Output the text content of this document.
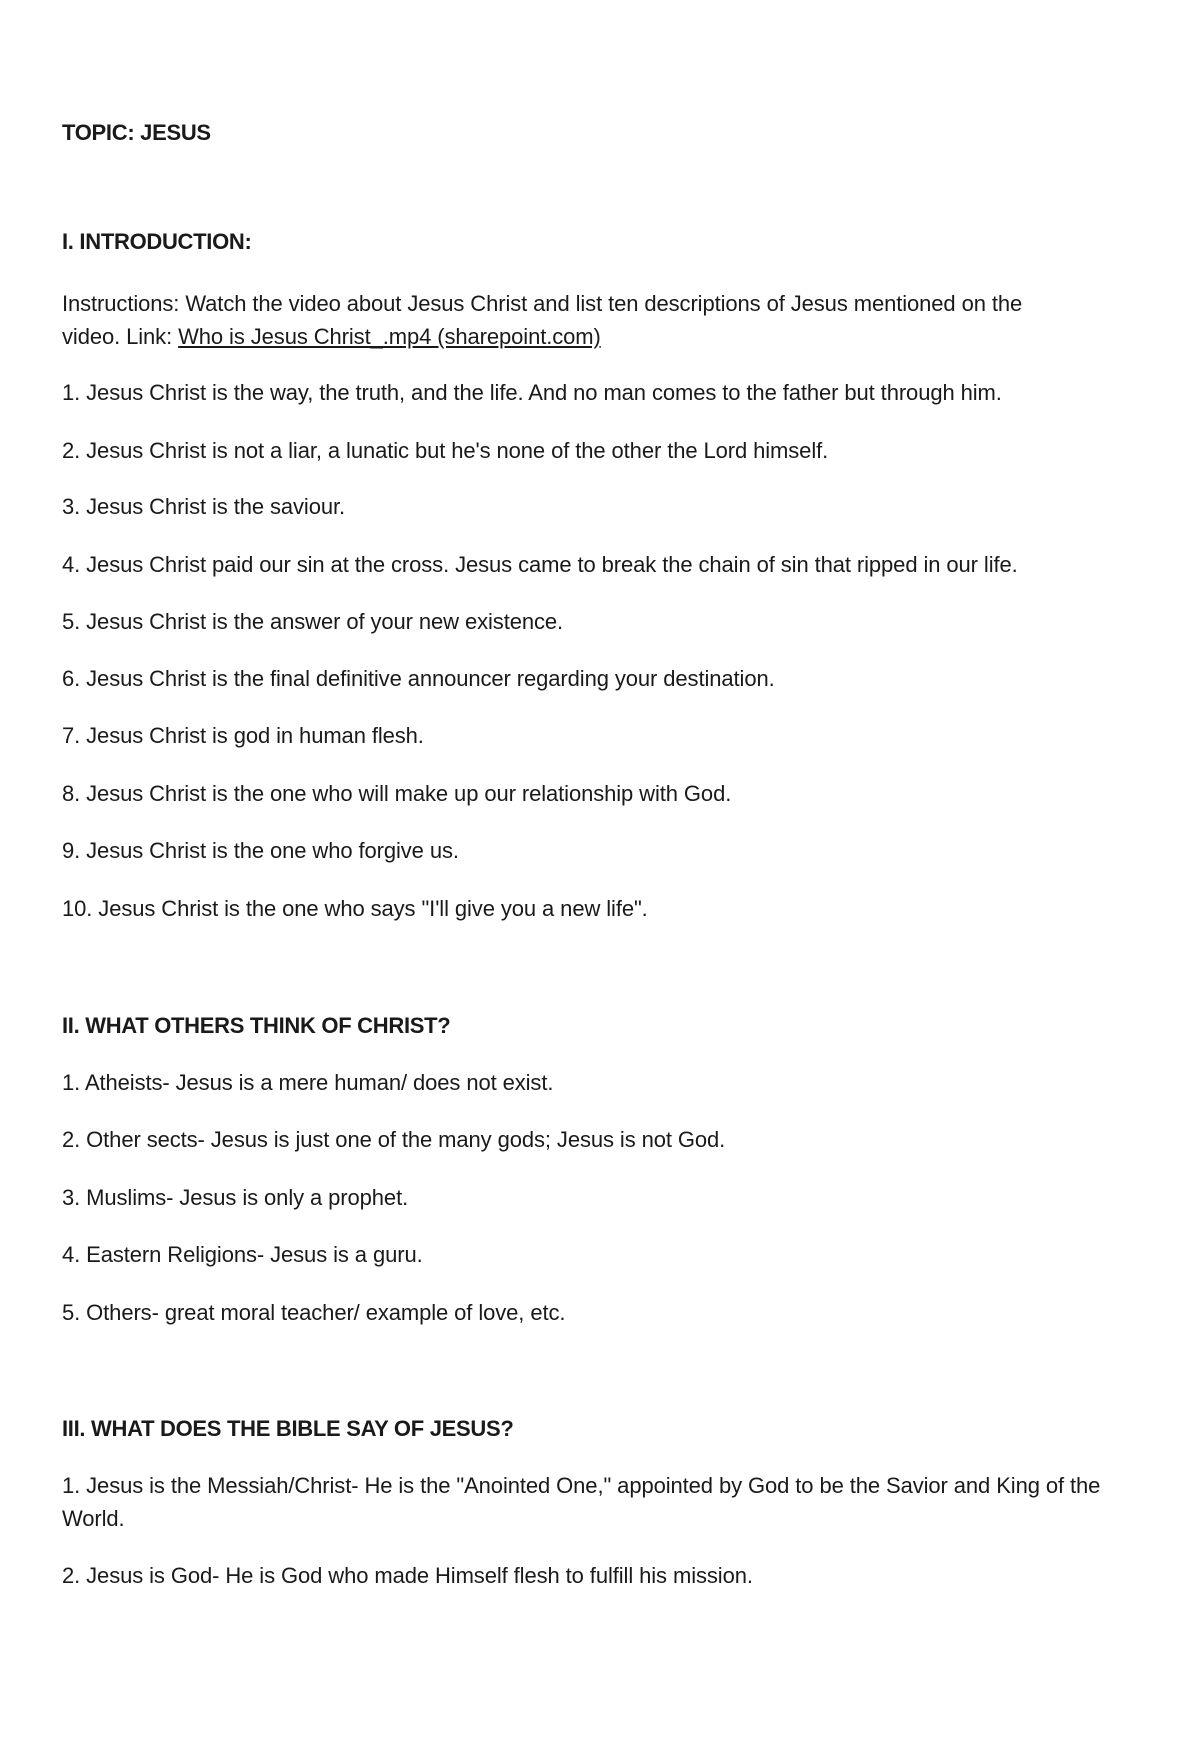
TOPIC: JESUS
I. INTRODUCTION:
Instructions: Watch the video about Jesus Christ and list ten descriptions of Jesus mentioned on the
video. Link: Who is Jesus Christ_.mp4 (sharepoint.com)
1. Jesus Christ is the way, the truth, and the life. And no man comes to the father but through him.
2. Jesus Christ is not a liar, a lunatic but he's none of the other the Lord himself.
3. Jesus Christ is the saviour.
4. Jesus Christ paid our sin at the cross. Jesus came to break the chain of sin that ripped in our life.
5. Jesus Christ is the answer of your new existence.
6. Jesus Christ is the final definitive announcer regarding your destination.
7. Jesus Christ is god in human flesh.
8. Jesus Christ is the one who will make up our relationship with God.
9. Jesus Christ is the one who forgive us.
10. Jesus Christ is the one who says "I'll give you a new life".
II. WHAT OTHERS THINK OF CHRIST?
1. Atheists- Jesus is a mere human/ does not exist.
2. Other sects- Jesus is just one of the many gods; Jesus is not God.
3. Muslims- Jesus is only a prophet.
4. Eastern Religions- Jesus is a guru.
5. Others- great moral teacher/ example of love, etc.
III. WHAT DOES THE BIBLE SAY OF JESUS?
1. Jesus is the Messiah/Christ- He is the "Anointed One," appointed by God to be the Savior and King of the World.
2. Jesus is God- He is God who made Himself flesh to fulfill his mission.
